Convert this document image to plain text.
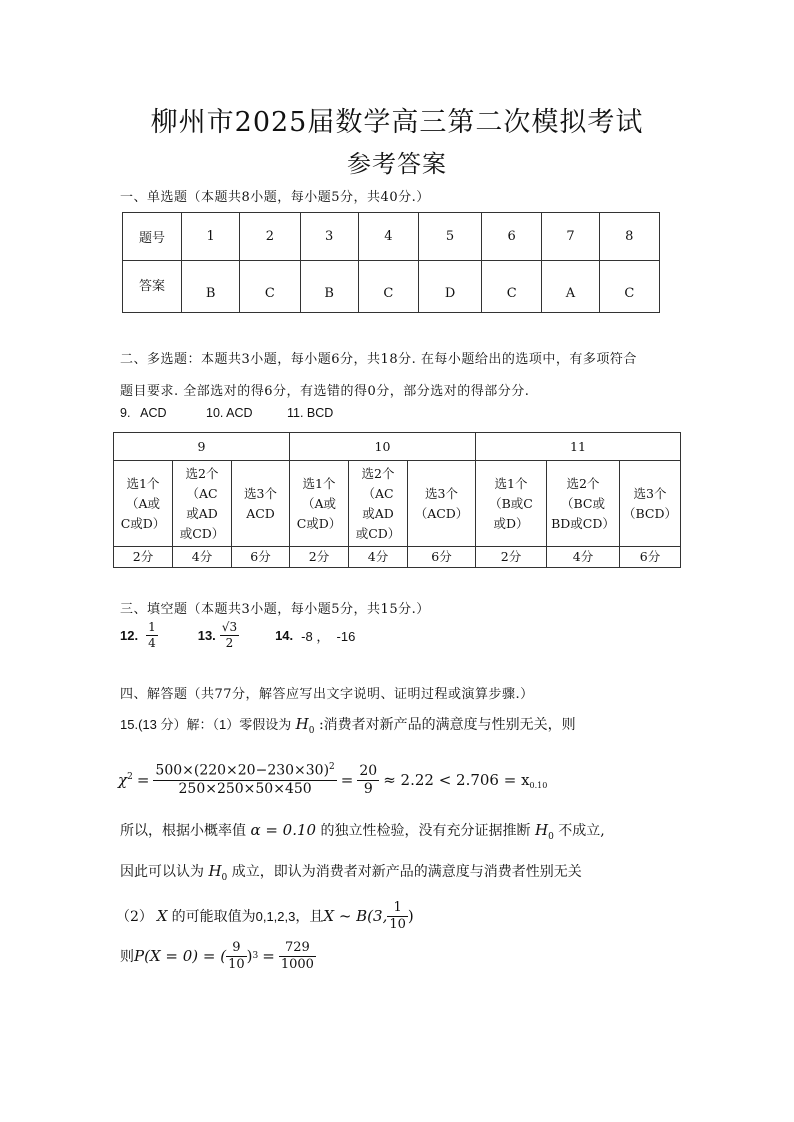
柳州市2025届数学高三第二次模拟考试
参考答案
一、单选题（本题共8小题，每小题5分，共40分.）
题号	1	2	3	4	5	6	7	8
答案	B	C	B	C	D	C	A	C
二、多选题：本题共3小题，每小题6分，共18分. 在每小题给出的选项中，有多项符合
题目要求. 全部选对的得6分，有选错的得0分，部分选对的得部分分.
9.   ACD	10. ACD	11. BCD
9			10			11		
选1个
（A或
C或D）	选2个
（AC
或AD
或CD）	选3个
ACD	选1个
（A或
C或D）	选2个
（AC
或AD
或CD）	选3个
（ACD）	选1个
（B或C
或D）	选2个
（BC或
BD或CD）	选3个
（BCD）
2分	4分	6分	2分	4分	6分	2分	4分	6分
三、填空题（本题共3小题，每小题5分，共15分.）
12. $\frac{1}{4}$	13. $\frac{√3}{2}$	14. -8 ，  -16
四、解答题（共77分，解答应写出文字说明、证明过程或演算步骤.）
15.(13 分）解：（1）零假设为 $H_0$ :消费者对新产品的满意度与性别无关，则
$\chi^2 = \frac{500\times(220\times 20-230\times 30)^2}{250\times 250\times 50\times 450} = \frac{20}{9} \approx 2.22 < 2.706 = x_{0.10}$
所以，根据小概率值 α = 0.10 的独立性检验，没有充分证据推断 $H_0$ 不成立,
因此可以认为 $H_0$ 成立，即认为消费者对新产品的满意度与消费者性别无关
（2） X 的可能取值为 0,1,2,3 ，且 X ~ B(3, $\frac{1}{10}$ )
则 P(X = 0) = ( $\frac{9}{10}$ ) $3 = \frac{729}{1000}$
